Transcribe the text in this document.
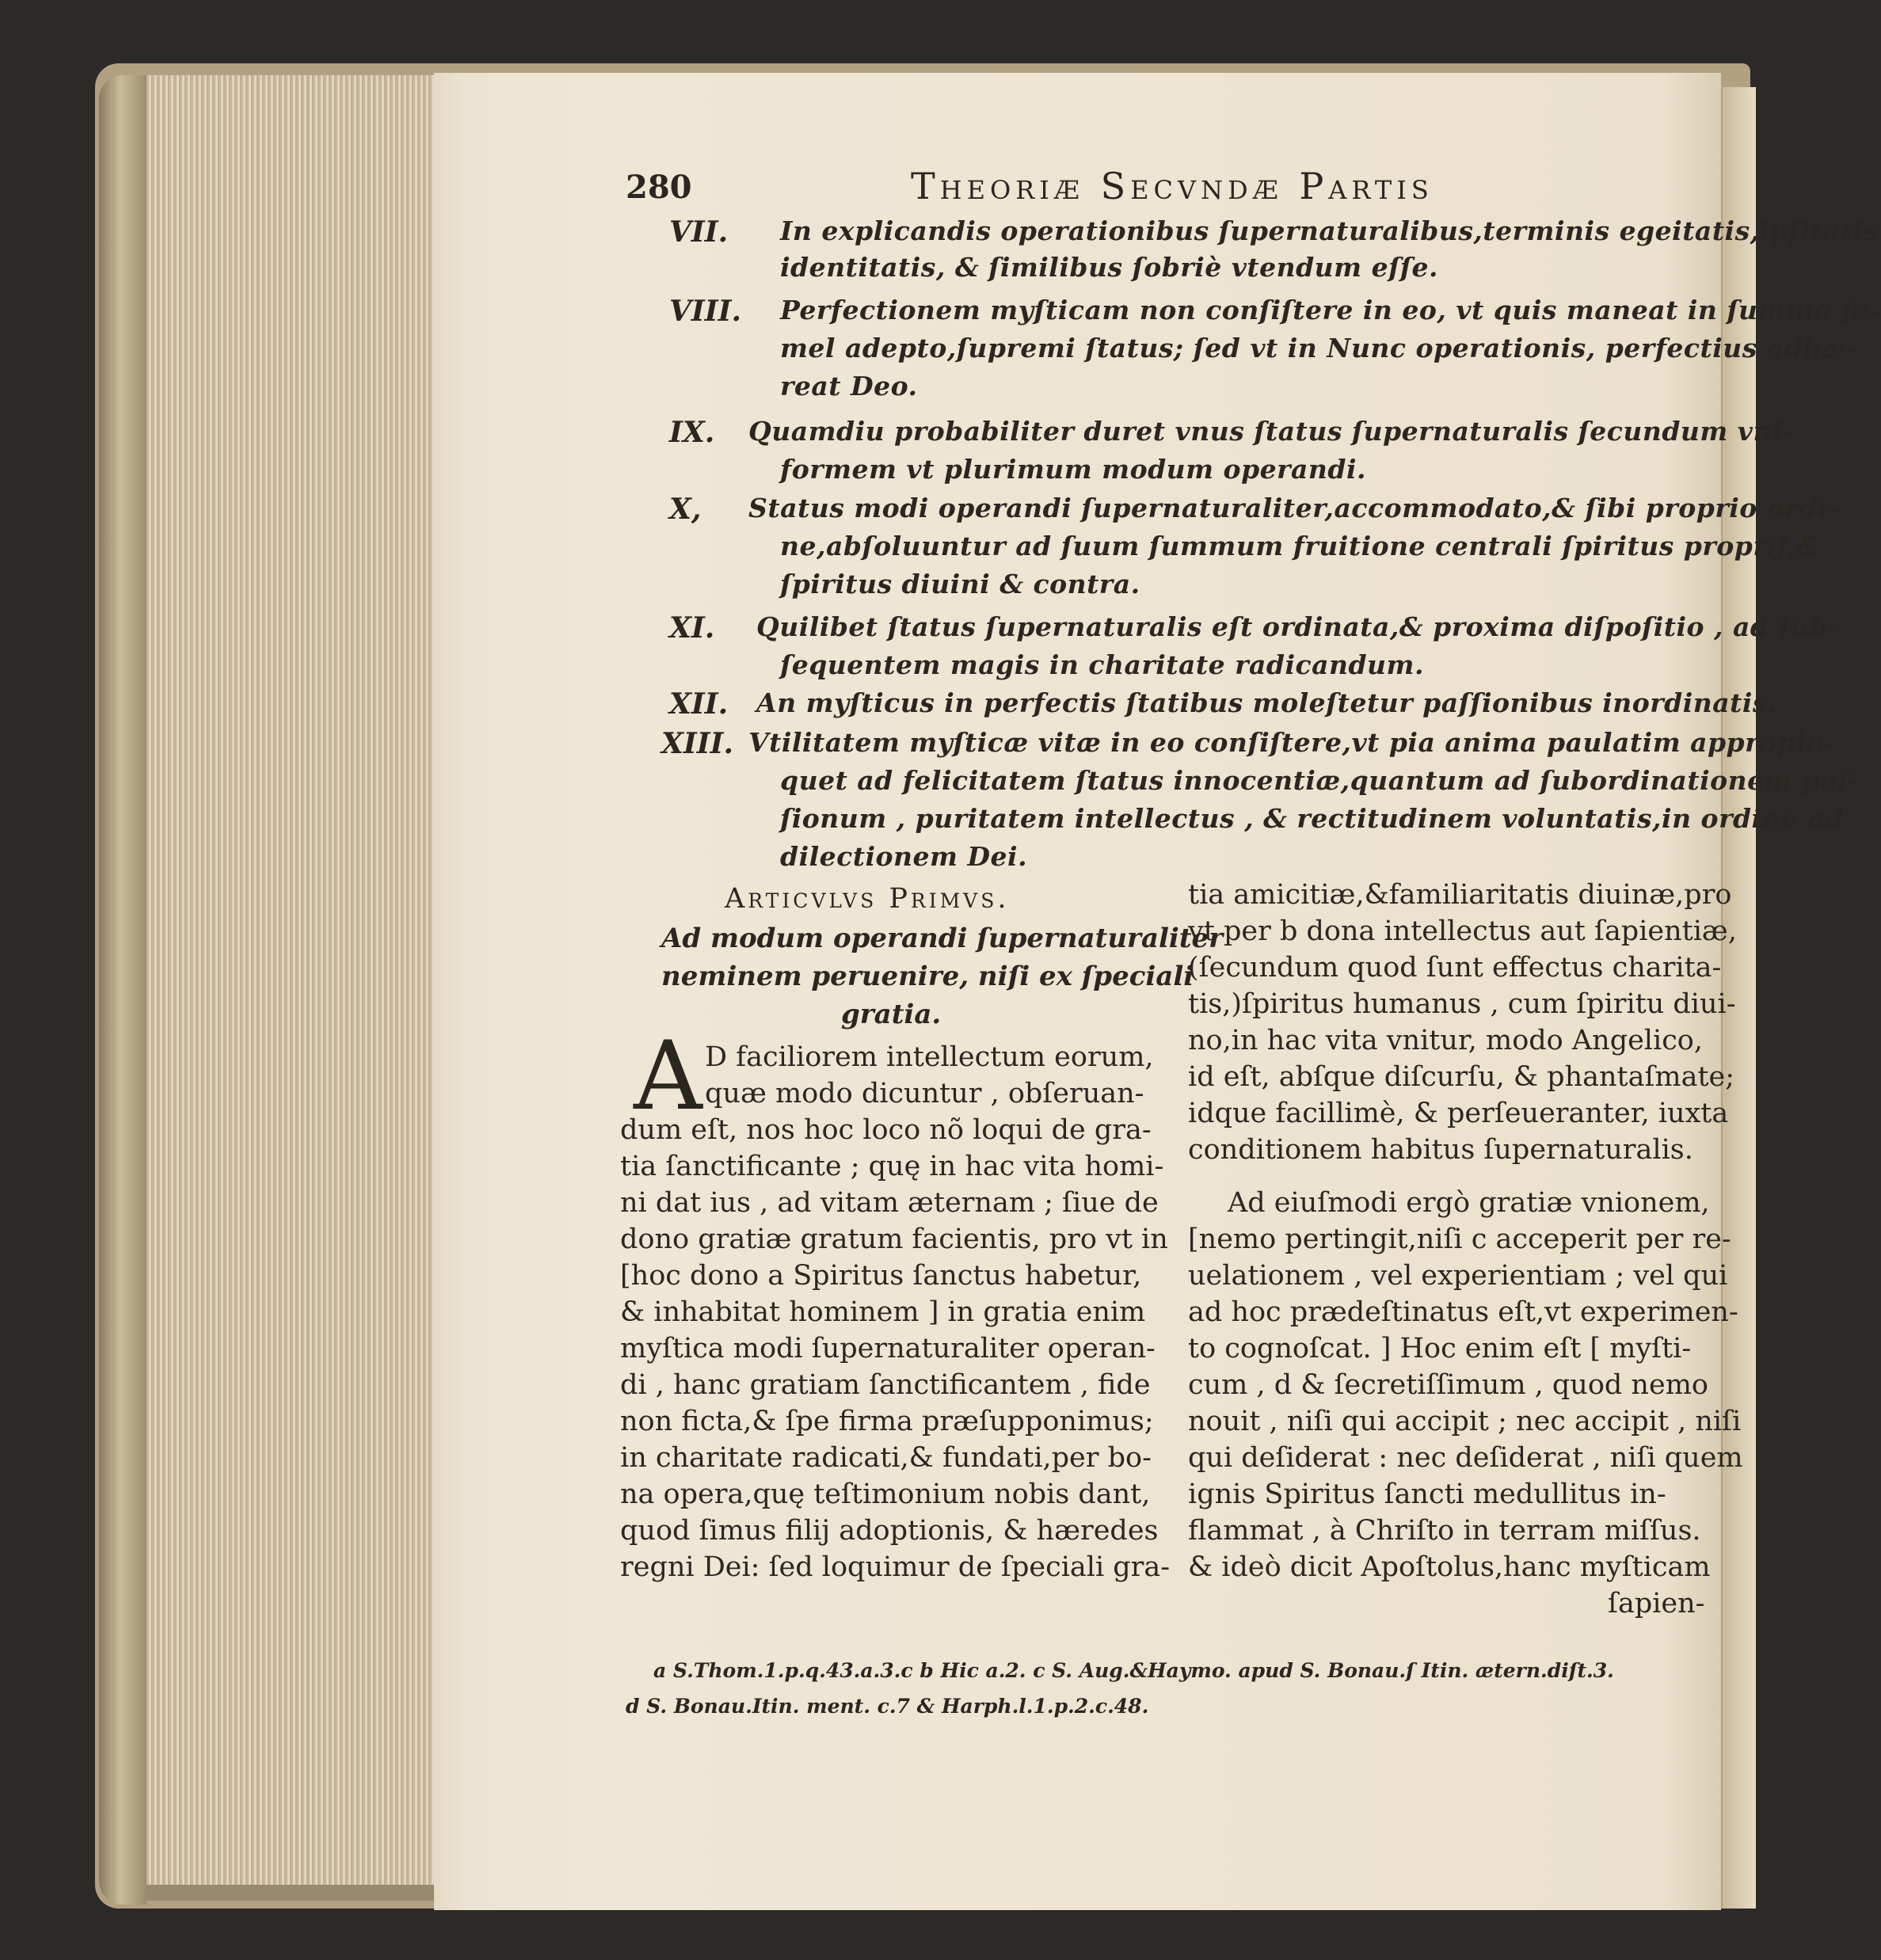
280	Theoriæ Secvndæ Partis
VII. In explicandis operationibus ſupernaturalibus,terminis egeitatis,ipſitatis
identitatis, & ſimilibus ſobriè vtendum eſſe.
VIII. Perfectionem myſticam non conſiſtere in eo, vt quis maneat in ſummo ſe-
mel adepto,ſupremi ſtatus; ſed vt in Nunc operationis, perfectius adhæ-
reat Deo.
IX. Quamdiu probabiliter duret vnus ſtatus ſupernaturalis ſecundum vni-
formem vt plurimum modum operandi.
X, Status modi operandi ſupernaturaliter,accommodato,& ſibi proprio ordi-
ne,abſoluuntur ad ſuum ſummum fruitione centrali ſpiritus proprij,&
ſpiritus diuini & contra.
XI. Quilibet ſtatus ſupernaturalis eſt ordinata,& proxima diſpoſitio , ad ſub-
ſequentem magis in charitate radicandum.
XII. An myſticus in perfectis ſtatibus moleſtetur paſſionibus inordinatis.
XIII. Vtilitatem myſticæ vitæ in eo conſiſtere,vt pia anima paulatim appropin-
quet ad felicitatem ſtatus innocentiæ,quantum ad ſubordinationem paſ-
ſionum , puritatem intellectus , & rectitudinem voluntatis,in ordine ad
dilectionem Dei.
Articvlvs Primvs.
Ad modum operandi ſupernaturaliter
neminem peruenire, niſi ex ſpeciali
gratia.
A D faciliorem intellectum eorum,
quæ modo dicuntur , obſeruan-
dum eſt, nos hoc loco nõ loqui de gra-
tia ſanctificante ; quę in hac vita homi-
ni dat ius , ad vitam æternam ; ſiue de
dono gratiæ gratum facientis, pro vt in
[hoc dono a Spiritus ſanctus habetur,
& inhabitat hominem ] in gratia enim
myſtica modi ſupernaturaliter operan-
di , hanc gratiam ſanctificantem , fide
non ficta,& ſpe firma præſupponimus;
in charitate radicati,& fundati,per bo-
na opera,quę teſtimonium nobis dant,
quod ſimus filij adoptionis, & hæredes
regni Dei: ſed loquimur de ſpeciali gra-
tia amicitiæ,&familiaritatis diuinæ,pro
vt per b dona intellectus aut ſapientiæ,
(ſecundum quod ſunt effectus charita-
tis,)ſpiritus humanus , cum ſpiritu diui-
no,in hac vita vnitur, modo Angelico,
id eſt, abſque diſcurſu, & phantaſmate;
idque facillimè, & perſeueranter, iuxta
conditionem habitus ſupernaturalis.
Ad eiuſmodi ergò gratiæ vnionem,
[nemo pertingit,niſi c acceperit per re-
uelationem , vel experientiam ; vel qui
ad hoc prædeſtinatus eſt,vt experimen-
to cognoſcat. ] Hoc enim eſt [ myſti-
cum , d & ſecretiſſimum , quod nemo
nouit , niſi qui accipit ; nec accipit , niſi
qui deſiderat : nec deſiderat , niſi quem
ignis Spiritus ſancti medullitus in-
flammat , à Chriſto in terram miſſus.
& ideò dicit Apoſtolus,hanc myſticam
ſapien-
a S.Thom.1.p.q.43.a.3.c b Hic a.2. c S. Aug.&Haymo. apud S. Bonau.ſ Itin. ætern.diſt.3.
d S. Bonau.Itin. ment. c.7 & Harph.l.1.p.2.c.48.
